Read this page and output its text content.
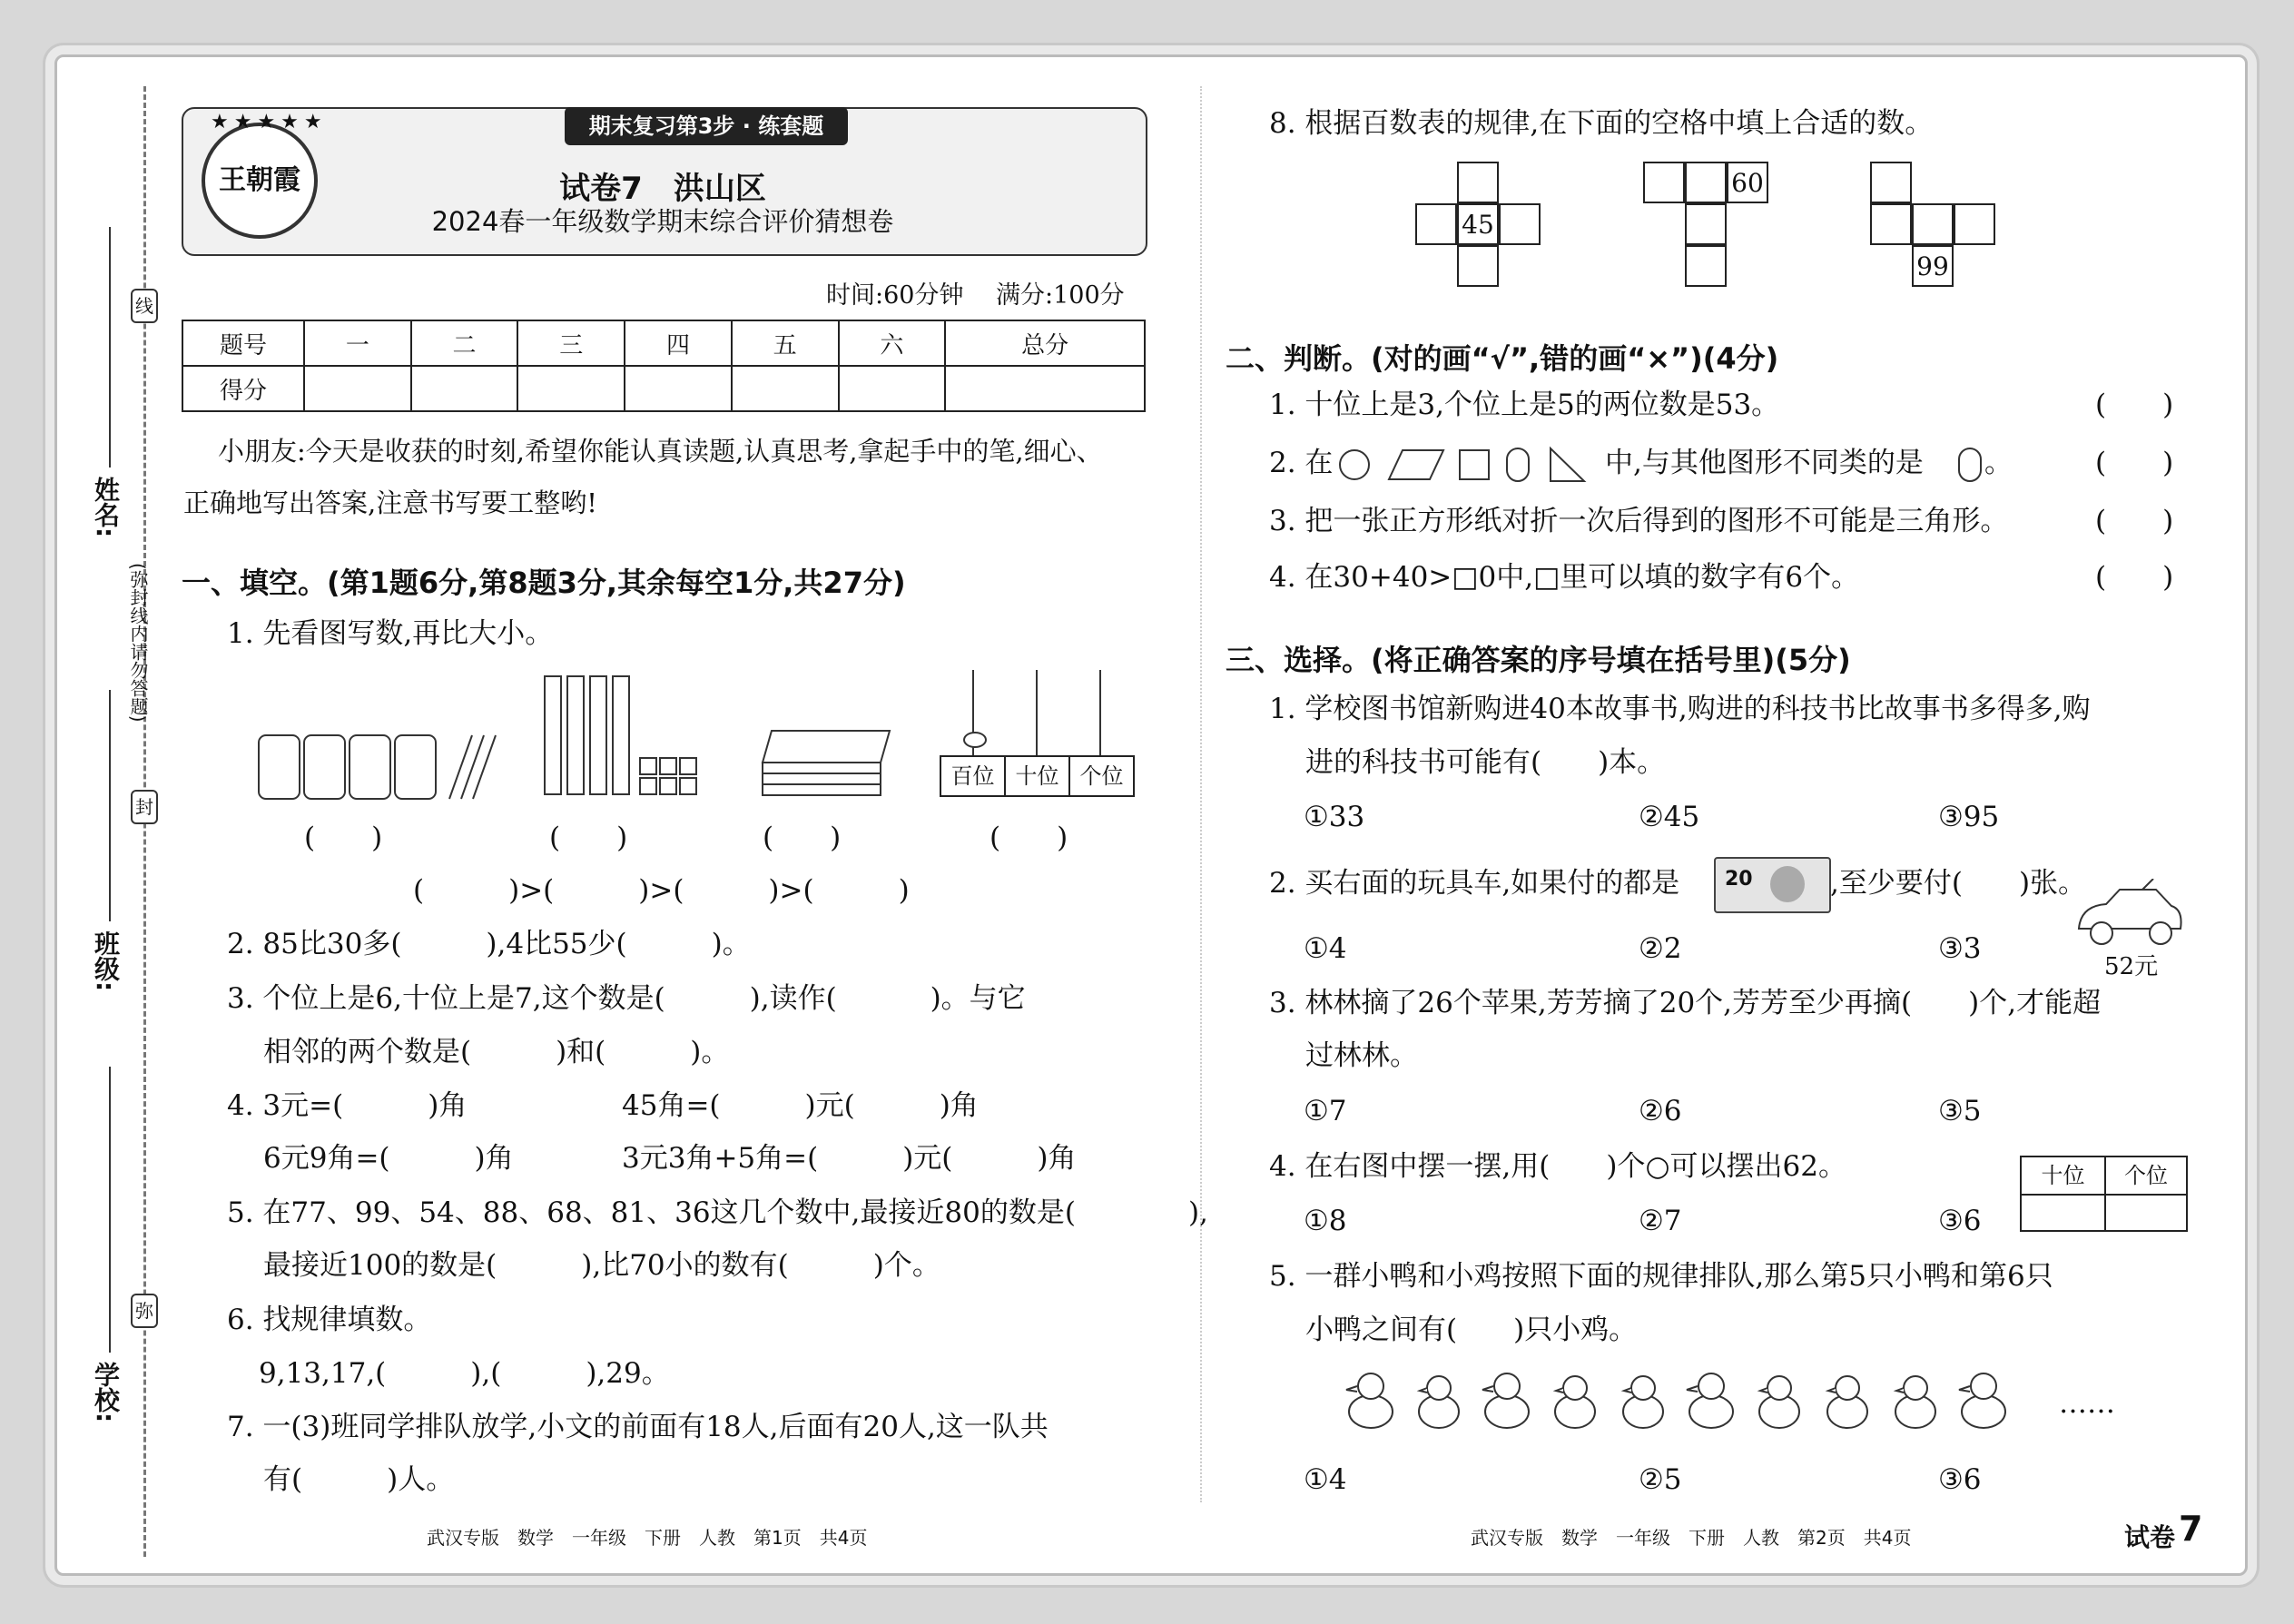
线
封
弥
姓名:
班级:
学校:
(弥封线内请勿答题)
王朝霞
★★★★★	期末复习第3步 · 练套题
试卷7　洪山区
2024春一年级数学期末综合评价猜想卷
时间:60分钟　 满分:100分
题号	一	二	三	四	五	六	总分
得分							
小朋友:今天是收获的时刻,希望你能认真读题,认真思考,拿起手中的笔,细心、
正确地写出答案,注意书写要工整哟!
一、填空。(第1题6分,第8题3分,其余每空1分,共27分)
1. 先看图写数,再比大小。
百位 十位 个位
(　　)	(　　)	(　　)	(　　)
(　　　)>(　　　)>(　　　)>(　　　)
2. 85比30多(　　　),4比55少(　　　)。
3. 个位上是6,十位上是7,这个数是(　　　),读作(　　　 )。与它
相邻的两个数是(　　　)和(　　　)。
4. 3元=(　　　)角	45角=(　　　)元(　　　)角
6元9角=(　　　)角	3元3角+5角=(　　　)元(　　　)角
5. 在77、99、54、88、68、81、36这几个数中,最接近80的数是(　　　　),
最接近100的数是(　　　),比70小的数有(　　　)个。
6. 找规律填数。
9,13,17,(　　　),(　　　),29。
7. 一(3)班同学排队放学,小文的前面有18人,后面有20人,这一队共
有(　　　)人。
8. 根据百数表的规律,在下面的空格中填上合适的数。
45
60
99
二、判断。(对的画“√”,错的画“×”)(4分)
1. 十位上是3,个位上是5的两位数是53。	(　　)
2. 在	中,与其他图形不同类的是 。	(　　)
3. 把一张正方形纸对折一次后得到的图形不可能是三角形。	(　　)
4. 在30+40>□0中,□里可以填的数字有6个。	(　　)
三、选择。(将正确答案的序号填在括号里)(5分)
1. 学校图书馆新购进40本故事书,购进的科技书比故事书多得多,购
进的科技书可能有(　　)本。
①33	②45	③95
2. 买右面的玩具车,如果付的都是 20	,至少要付(　　)张。
52元
①4	②2	③3
3. 林林摘了26个苹果,芳芳摘了20个,芳芳至少再摘(　　)个,才能超
过林林。
①7	②6	③5
4. 在右图中摆一摆,用(　　)个○可以摆出62。	十位	个位
①8	②7	③6
5. 一群小鸭和小鸡按照下面的规律排队,那么第5只小鸭和第6只
小鸭之间有(　　)只小鸡。
……
①4	②5	③6
武汉专版　数学　一年级　下册　人教　第1页　共4页	武汉专版　数学　一年级　下册　人教　第2页　共4页	试卷 7
